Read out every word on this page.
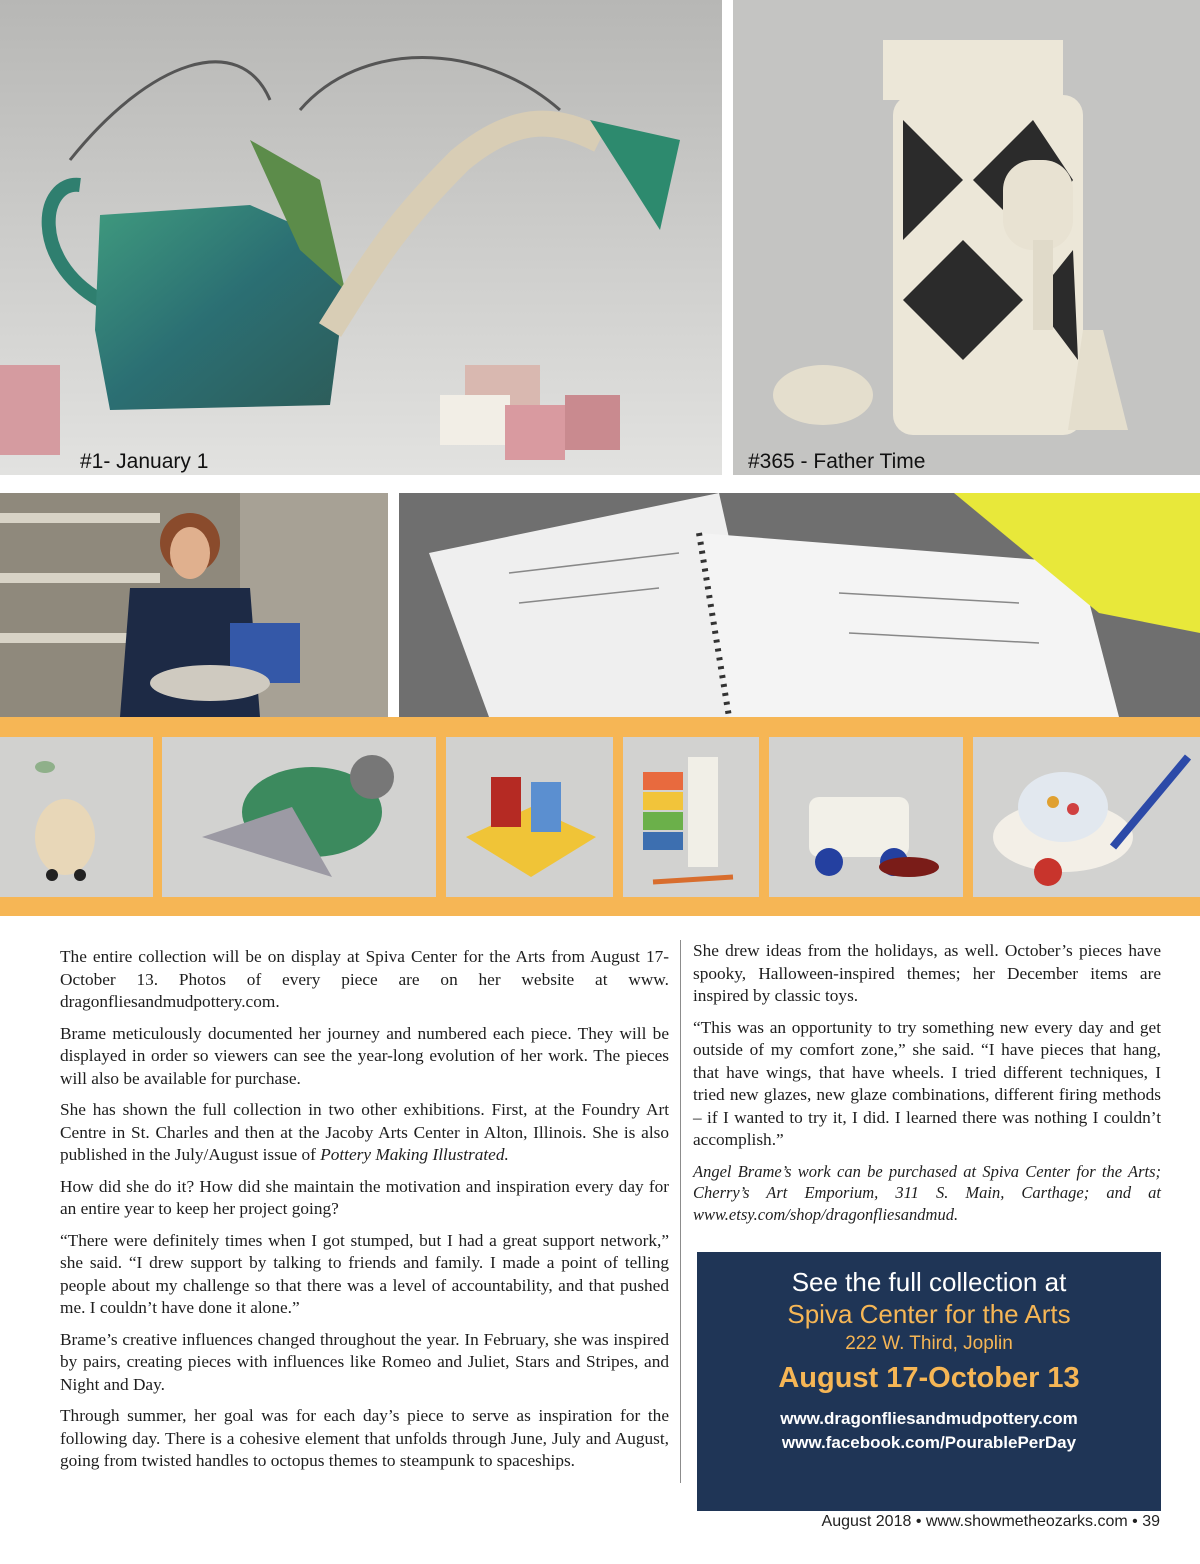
#1- January 1	#365 - Father Time

The entire collection will be on display at Spiva Center for the Arts from August 17-October 13. Photos of every piece are on her website at www. dragonfliesandmudpottery.com.

Brame meticulously documented her journey and numbered each piece. They will be displayed in order so viewers can see the year-long evolution of her work. The pieces will also be available for purchase.

She has shown the full collection in two other exhibitions. First, at the Foundry Art Centre in St. Charles and then at the Jacoby Arts Center in Alton, Illinois. She is also published in the July/August issue of Pottery Making Illustrated.

How did she do it? How did she maintain the motivation and inspiration every day for an entire year to keep her project going?

“There were definitely times when I got stumped, but I had a great support network,” she said. “I drew support by talking to friends and family. I made a point of telling people about my challenge so that there was a level of accountability, and that pushed me. I couldn’t have done it alone.”

Brame’s creative influences changed throughout the year. In February, she was inspired by pairs, creating pieces with influences like Romeo and Juliet, Stars and Stripes, and Night and Day.

Through summer, her goal was for each day’s piece to serve as inspiration for the following day. There is a cohesive element that unfolds through June, July and August, going from twisted handles to octopus themes to steampunk to spaceships.

She drew ideas from the holidays, as well. October’s pieces have spooky, Halloween-inspired themes; her December items are inspired by classic toys.

“This was an opportunity to try something new every day and get outside of my comfort zone,” she said. “I have pieces that hang, that have wings, that have wheels. I tried different techniques, I tried new glazes, new glaze combinations, different firing methods – if I wanted to try it, I did. I learned there was nothing I couldn’t accomplish.”

Angel Brame’s work can be purchased at Spiva Center for the Arts; Cherry’s Art Emporium, 311 S. Main, Carthage; and at www.etsy.com/shop/dragonfliesandmud.

See the full collection at
Spiva Center for the Arts
222 W. Third, Joplin
August 17-October 13
www.dragonfliesandmudpottery.com
www.facebook.com/PourablePerDay
August 2018 • www.showmetheozarks.com • 39
